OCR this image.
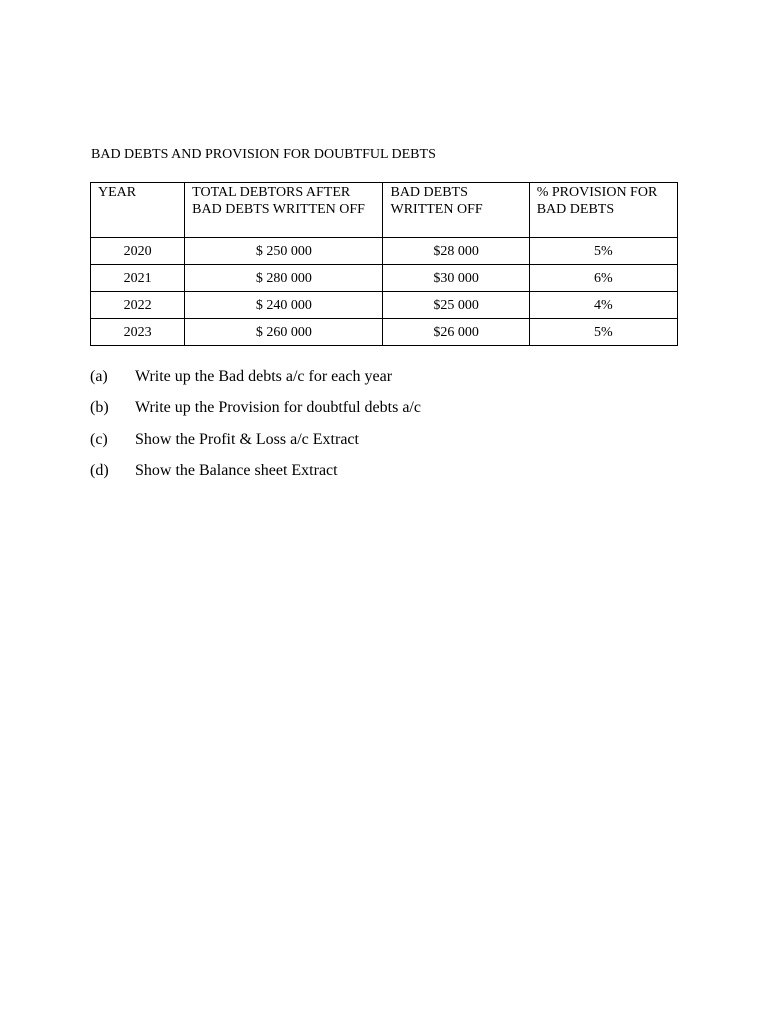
BAD DEBTS AND PROVISION FOR DOUBTFUL DEBTS
YEAR	TOTAL DEBTORS AFTER BAD DEBTS WRITTEN OFF	BAD DEBTS WRITTEN OFF	% PROVISION FOR BAD DEBTS
2020	$ 250 000	$28 000	5%
2021	$ 280 000	$30 000	6%
2022	$ 240 000	$25 000	4%
2023	$ 260 000	$26 000	5%
(a) Write up the Bad debts a/c for each year
(b) Write up the Provision for doubtful debts a/c
(c) Show the Profit & Loss a/c Extract
(d) Show the Balance sheet Extract
